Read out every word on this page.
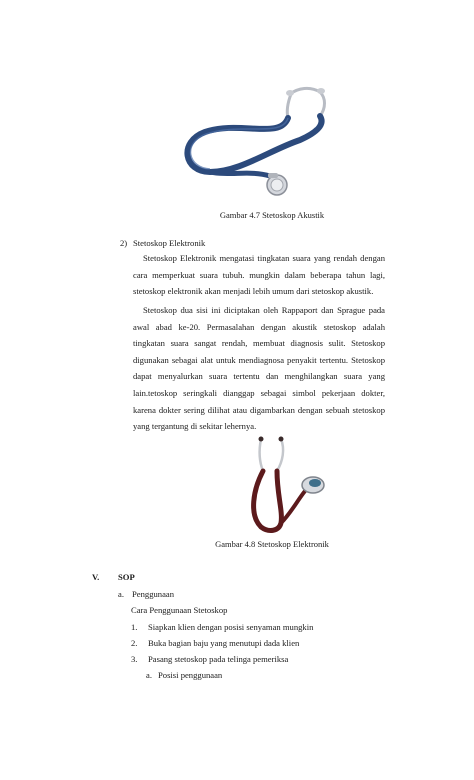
Gambar 4.7 Stetoskop Akustik
2) Stetoskop Elektronik
Stetoskop Elektronik mengatasi tingkatan suara yang rendah dengan
cara memperkuat suara tubuh. mungkin dalam beberapa tahun lagi,
stetoskop elektronik akan menjadi lebih umum dari stetoskop akustik.
Stetoskop dua sisi ini diciptakan oleh Rappaport dan Sprague pada
awal abad ke-20. Permasalahan dengan akustik stetoskop adalah
tingkatan suara sangat rendah, membuat diagnosis sulit. Stetoskop
digunakan sebagai alat untuk mendiagnosa penyakit tertentu. Stetoskop
dapat menyalurkan suara tertentu dan menghilangkan suara yang
lain.tetoskop seringkali dianggap sebagai simbol pekerjaan dokter,
karena dokter sering dilihat atau digambarkan dengan sebuah stetoskop
yang tergantung di sekitar lehernya.
Gambar 4.8 Stetoskop Elektronik
V. SOP
a. Penggunaan
Cara Penggunaan Stetoskop
1. Siapkan klien dengan posisi senyaman mungkin
2. Buka bagian baju yang menutupi dada klien
3. Pasang stetoskop pada telinga pemeriksa
a. Posisi penggunaan
